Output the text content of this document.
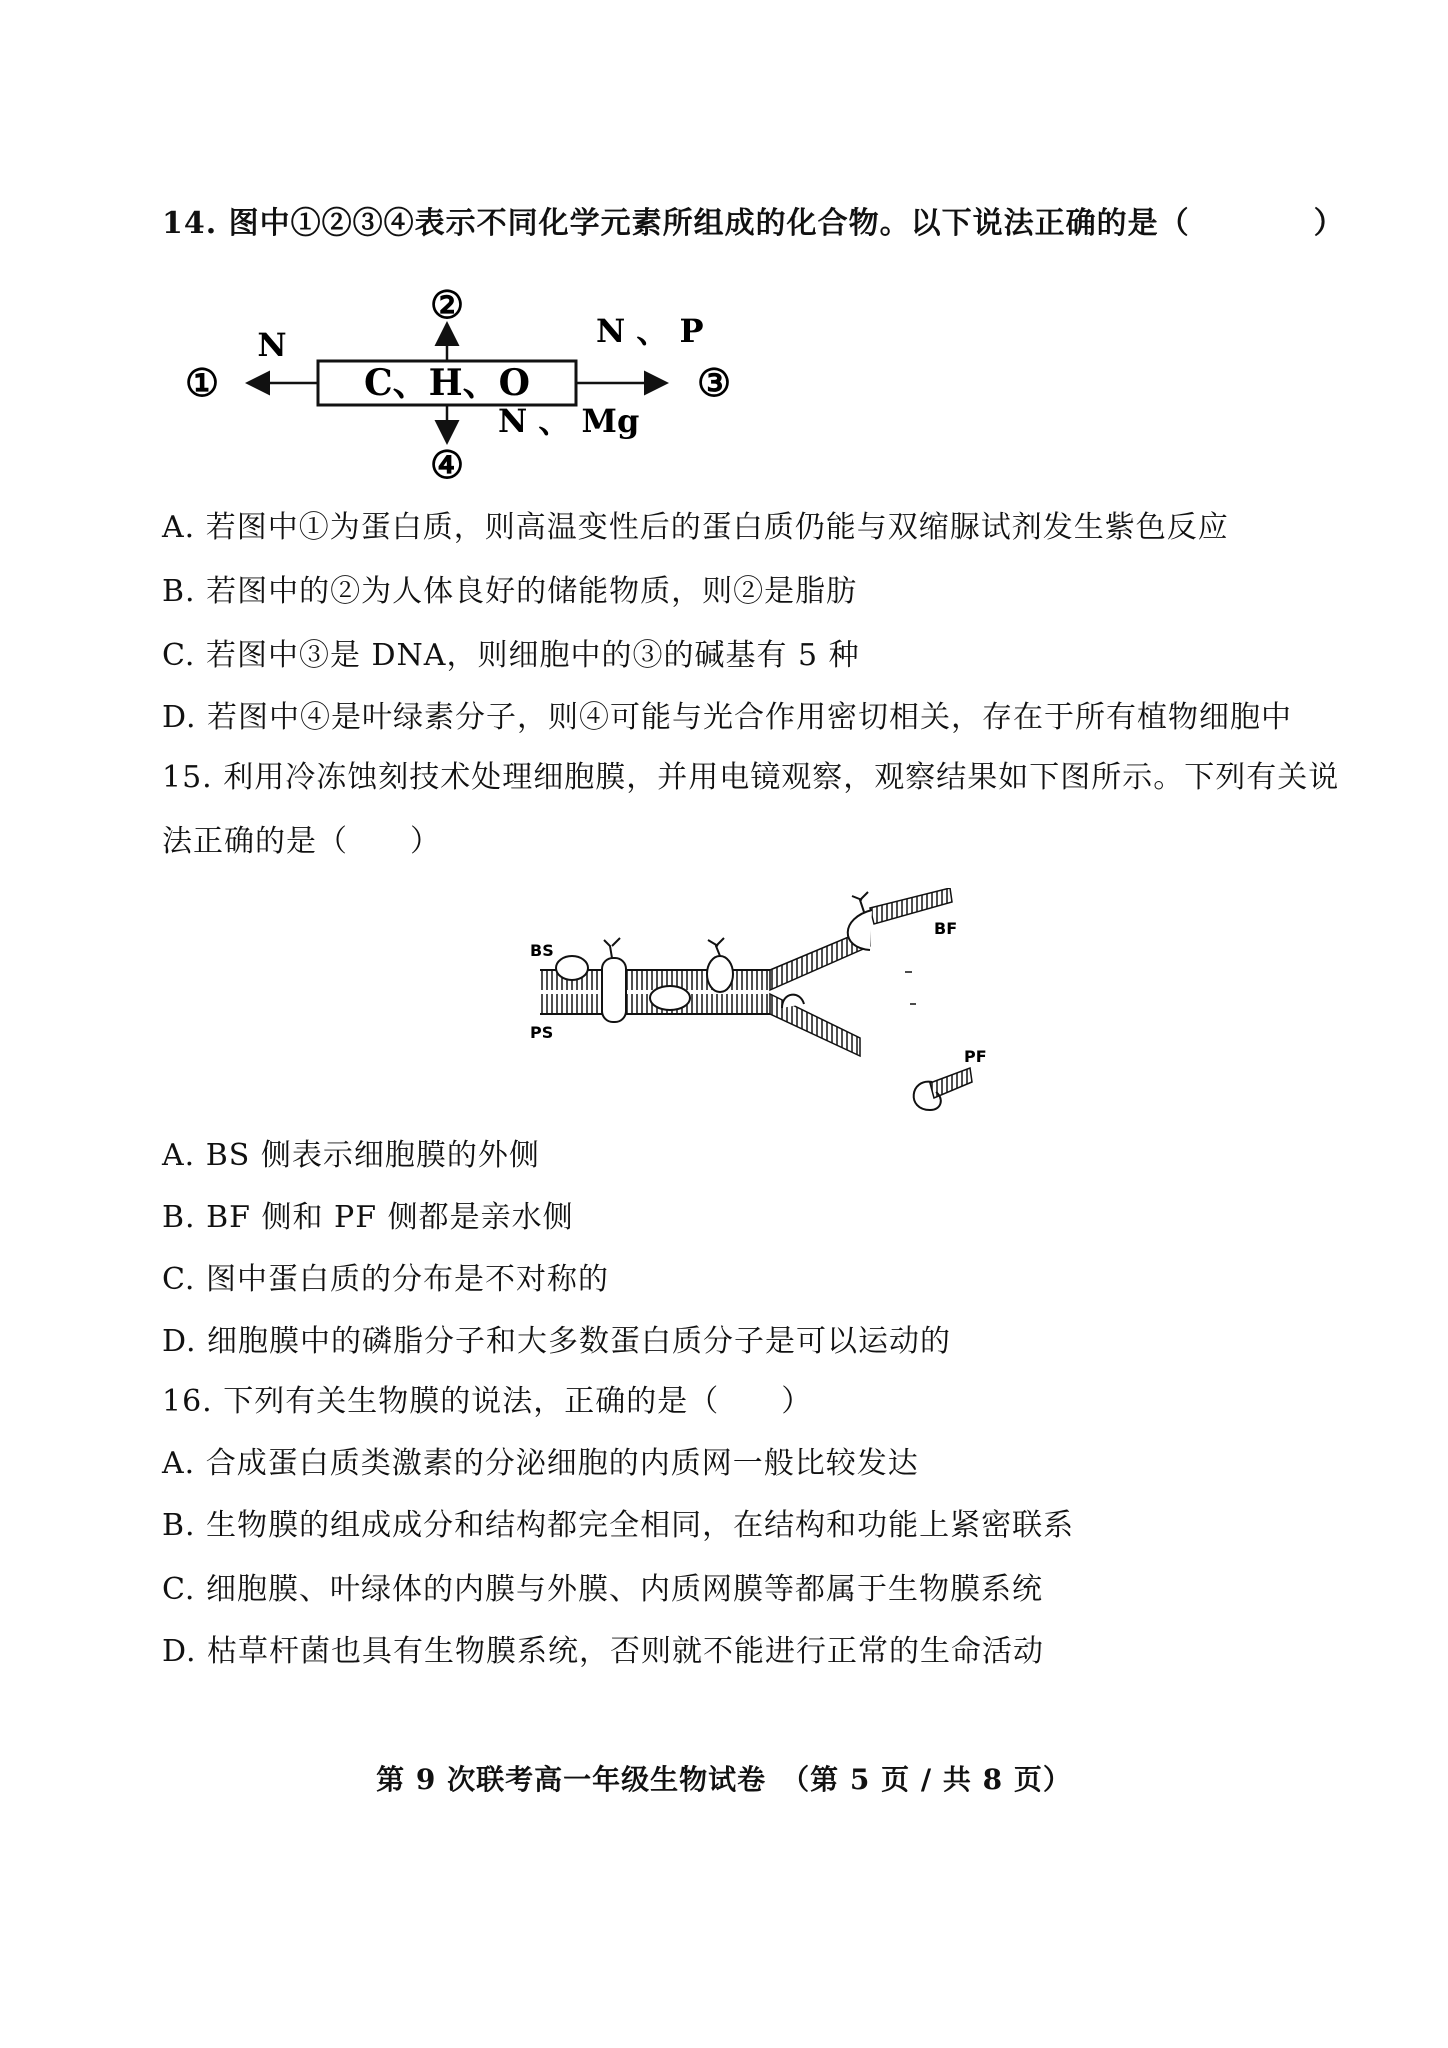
14. 图中①②③④表示不同化学元素所组成的化合物。以下说法正确的是（　　　　）
C、H、O
①
N
②
③
N 、 P
④
N 、 Mg
A. 若图中①为蛋白质，则高温变性后的蛋白质仍能与双缩脲试剂发生紫色反应
B. 若图中的②为人体良好的储能物质，则②是脂肪
C. 若图中③是 DNA，则细胞中的③的碱基有 5 种
D. 若图中④是叶绿素分子，则④可能与光合作用密切相关，存在于所有植物细胞中
15. 利用冷冻蚀刻技术处理细胞膜，并用电镜观察，观察结果如下图所示。下列有关说
法正确的是（　　）
BS
PS
BF
PF
A. BS 侧表示细胞膜的外侧
B. BF 侧和 PF 侧都是亲水侧
C. 图中蛋白质的分布是不对称的
D. 细胞膜中的磷脂分子和大多数蛋白质分子是可以运动的
16. 下列有关生物膜的说法，正确的是（　　）
A. 合成蛋白质类激素的分泌细胞的内质网一般比较发达
B. 生物膜的组成成分和结构都完全相同，在结构和功能上紧密联系
C. 细胞膜、叶绿体的内膜与外膜、内质网膜等都属于生物膜系统
D. 枯草杆菌也具有生物膜系统，否则就不能进行正常的生命活动
第 9 次联考高一年级生物试卷　（第 5 页 / 共 8 页）
